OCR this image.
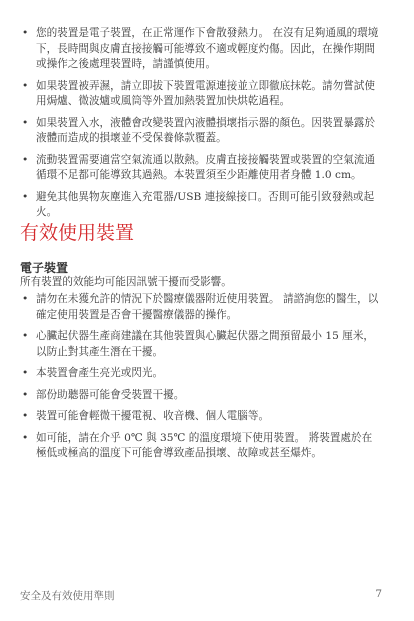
• 您的裝置是電子裝置，在正常運作下會散發熱力。 在沒有足夠通風的環境下，長時間與皮膚直接接觸可能導致不適或輕度灼傷。因此，在操作期間或操作之後處理裝置時，請謹慎使用。
• 如果裝置被弄濕，請立即拔下裝置電源連接並立即徹底抹乾。請勿嘗試使用焗爐、微波爐或風筒等外置加熱裝置加快烘乾過程。
• 如果裝置入水，液體會改變裝置內液體損壞指示器的顏色。因裝置暴露於液體而造成的損壞並不受保養條款覆蓋。
• 流動裝置需要適當空氣流通以散熱。皮膚直接接觸裝置或裝置的空氣流通循環不足都可能導致其過熱。本裝置須至少距離使用者身體 1.0 cm。
• 避免其他異物灰塵進入充電器/USB 連接線接口。否則可能引致發熱或起火。
有效使用裝置
電子裝置

所有裝置的效能均可能因訊號干擾而受影響。

• 請勿在未獲允許的情況下於醫療儀器附近使用裝置。 請諮詢您的醫生，以確定使用裝置是否會干擾醫療儀器的操作。
• 心臟起伏器生產商建議在其他裝置與心臟起伏器之間預留最小 15 厘米，以防止對其產生潛在干擾。
• 本裝置會產生亮光或閃光。
• 部份助聽器可能會受裝置干擾。
• 裝置可能會輕微干擾電視、收音機、個人電腦等。
• 如可能，請在介乎 0℃ 與 35℃ 的溫度環境下使用裝置。 將裝置處於在極低或極高的溫度下可能會導致產品損壞、故障或甚至爆炸。
安全及有效使用準則	7
